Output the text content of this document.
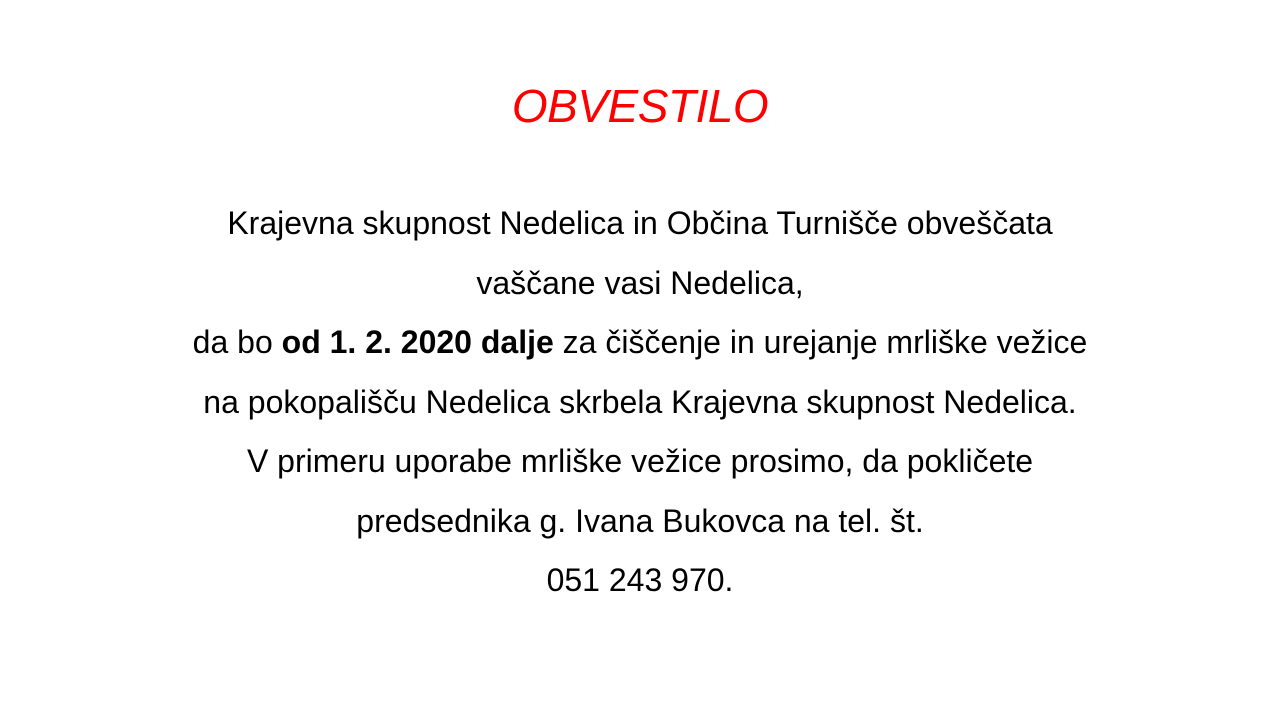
OBVESTILO
Krajevna skupnost Nedelica in Občina Turnišče obveščata
vaščane vasi Nedelica,
da bo od 1. 2. 2020 dalje za čiščenje in urejanje mrliške vežice
na pokopališču Nedelica skrbela Krajevna skupnost Nedelica.
V primeru uporabe mrliške vežice prosimo, da pokličete
predsednika g. Ivana Bukovca na tel. št.
051 243 970.
